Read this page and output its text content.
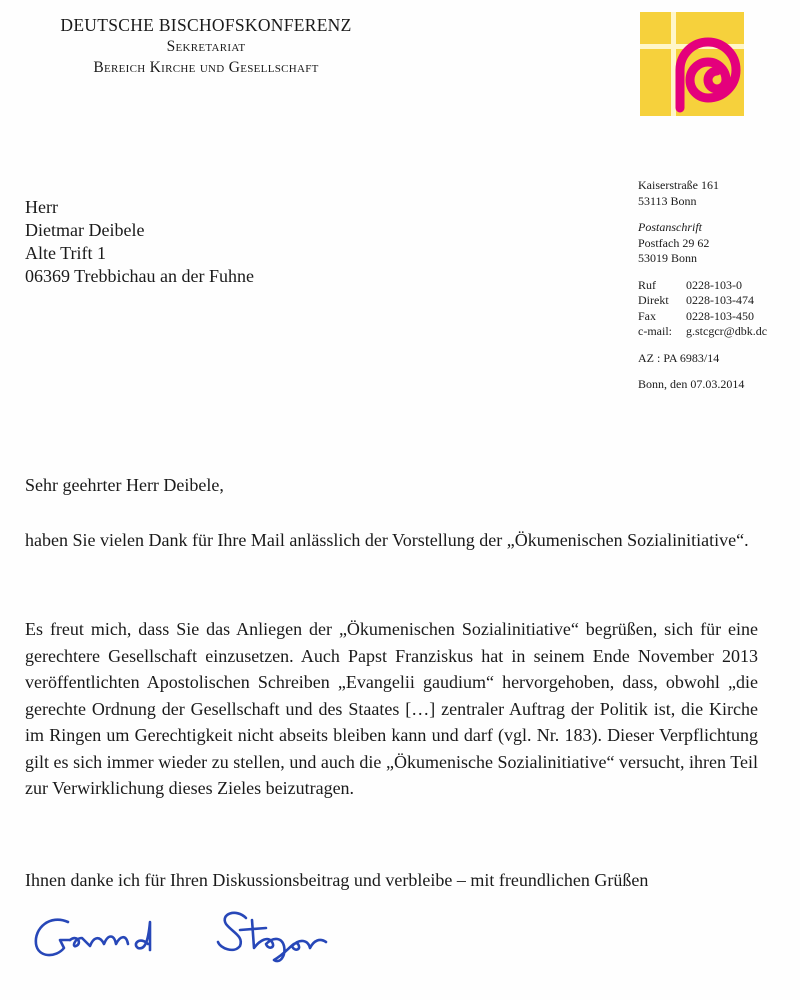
DEUTSCHE BISCHOFSKONFERENZ
Sekretariat
Bereich Kirche und Gesellschaft
Herr
Dietmar Deibele
Alte Trift 1
06369 Trebbichau an der Fuhne
Kaiserstraße 161
53113 Bonn
Postanschrift
Postfach 29 62
53019 Bonn
Ruf	0228-103-0
Direkt	0228-103-474
Fax	0228-103-450
c-mail:	g.stcgcr@dbk.dc
AZ : PA 6983/14
Bonn, den 07.03.2014
Sehr geehrter Herr Deibele,
haben Sie vielen Dank für Ihre Mail anlässlich der Vorstellung der „Ökumenischen Sozialinitiative“.
Es freut mich, dass Sie das Anliegen der „Ökumenischen Sozialinitiative“ begrüßen, sich für eine gerechtere Gesellschaft einzusetzen. Auch Papst Franziskus hat in seinem Ende November 2013 veröffentlichten Apostolischen Schreiben „Evangelii gaudium“ hervorgehoben, dass, obwohl „die gerechte Ordnung der Gesellschaft und des Staates […] zentraler Auftrag der Politik ist, die Kirche im Ringen um Gerechtigkeit nicht abseits bleiben kann und darf (vgl. Nr. 183). Dieser Verpflichtung gilt es sich immer wieder zu stellen, und auch die „Ökumenische Sozialinitiative“ versucht, ihren Teil zur Verwirklichung dieses Zieles beizutragen.
Ihnen danke ich für Ihren Diskussionsbeitrag und verbleibe – mit freundlichen Grüßen
